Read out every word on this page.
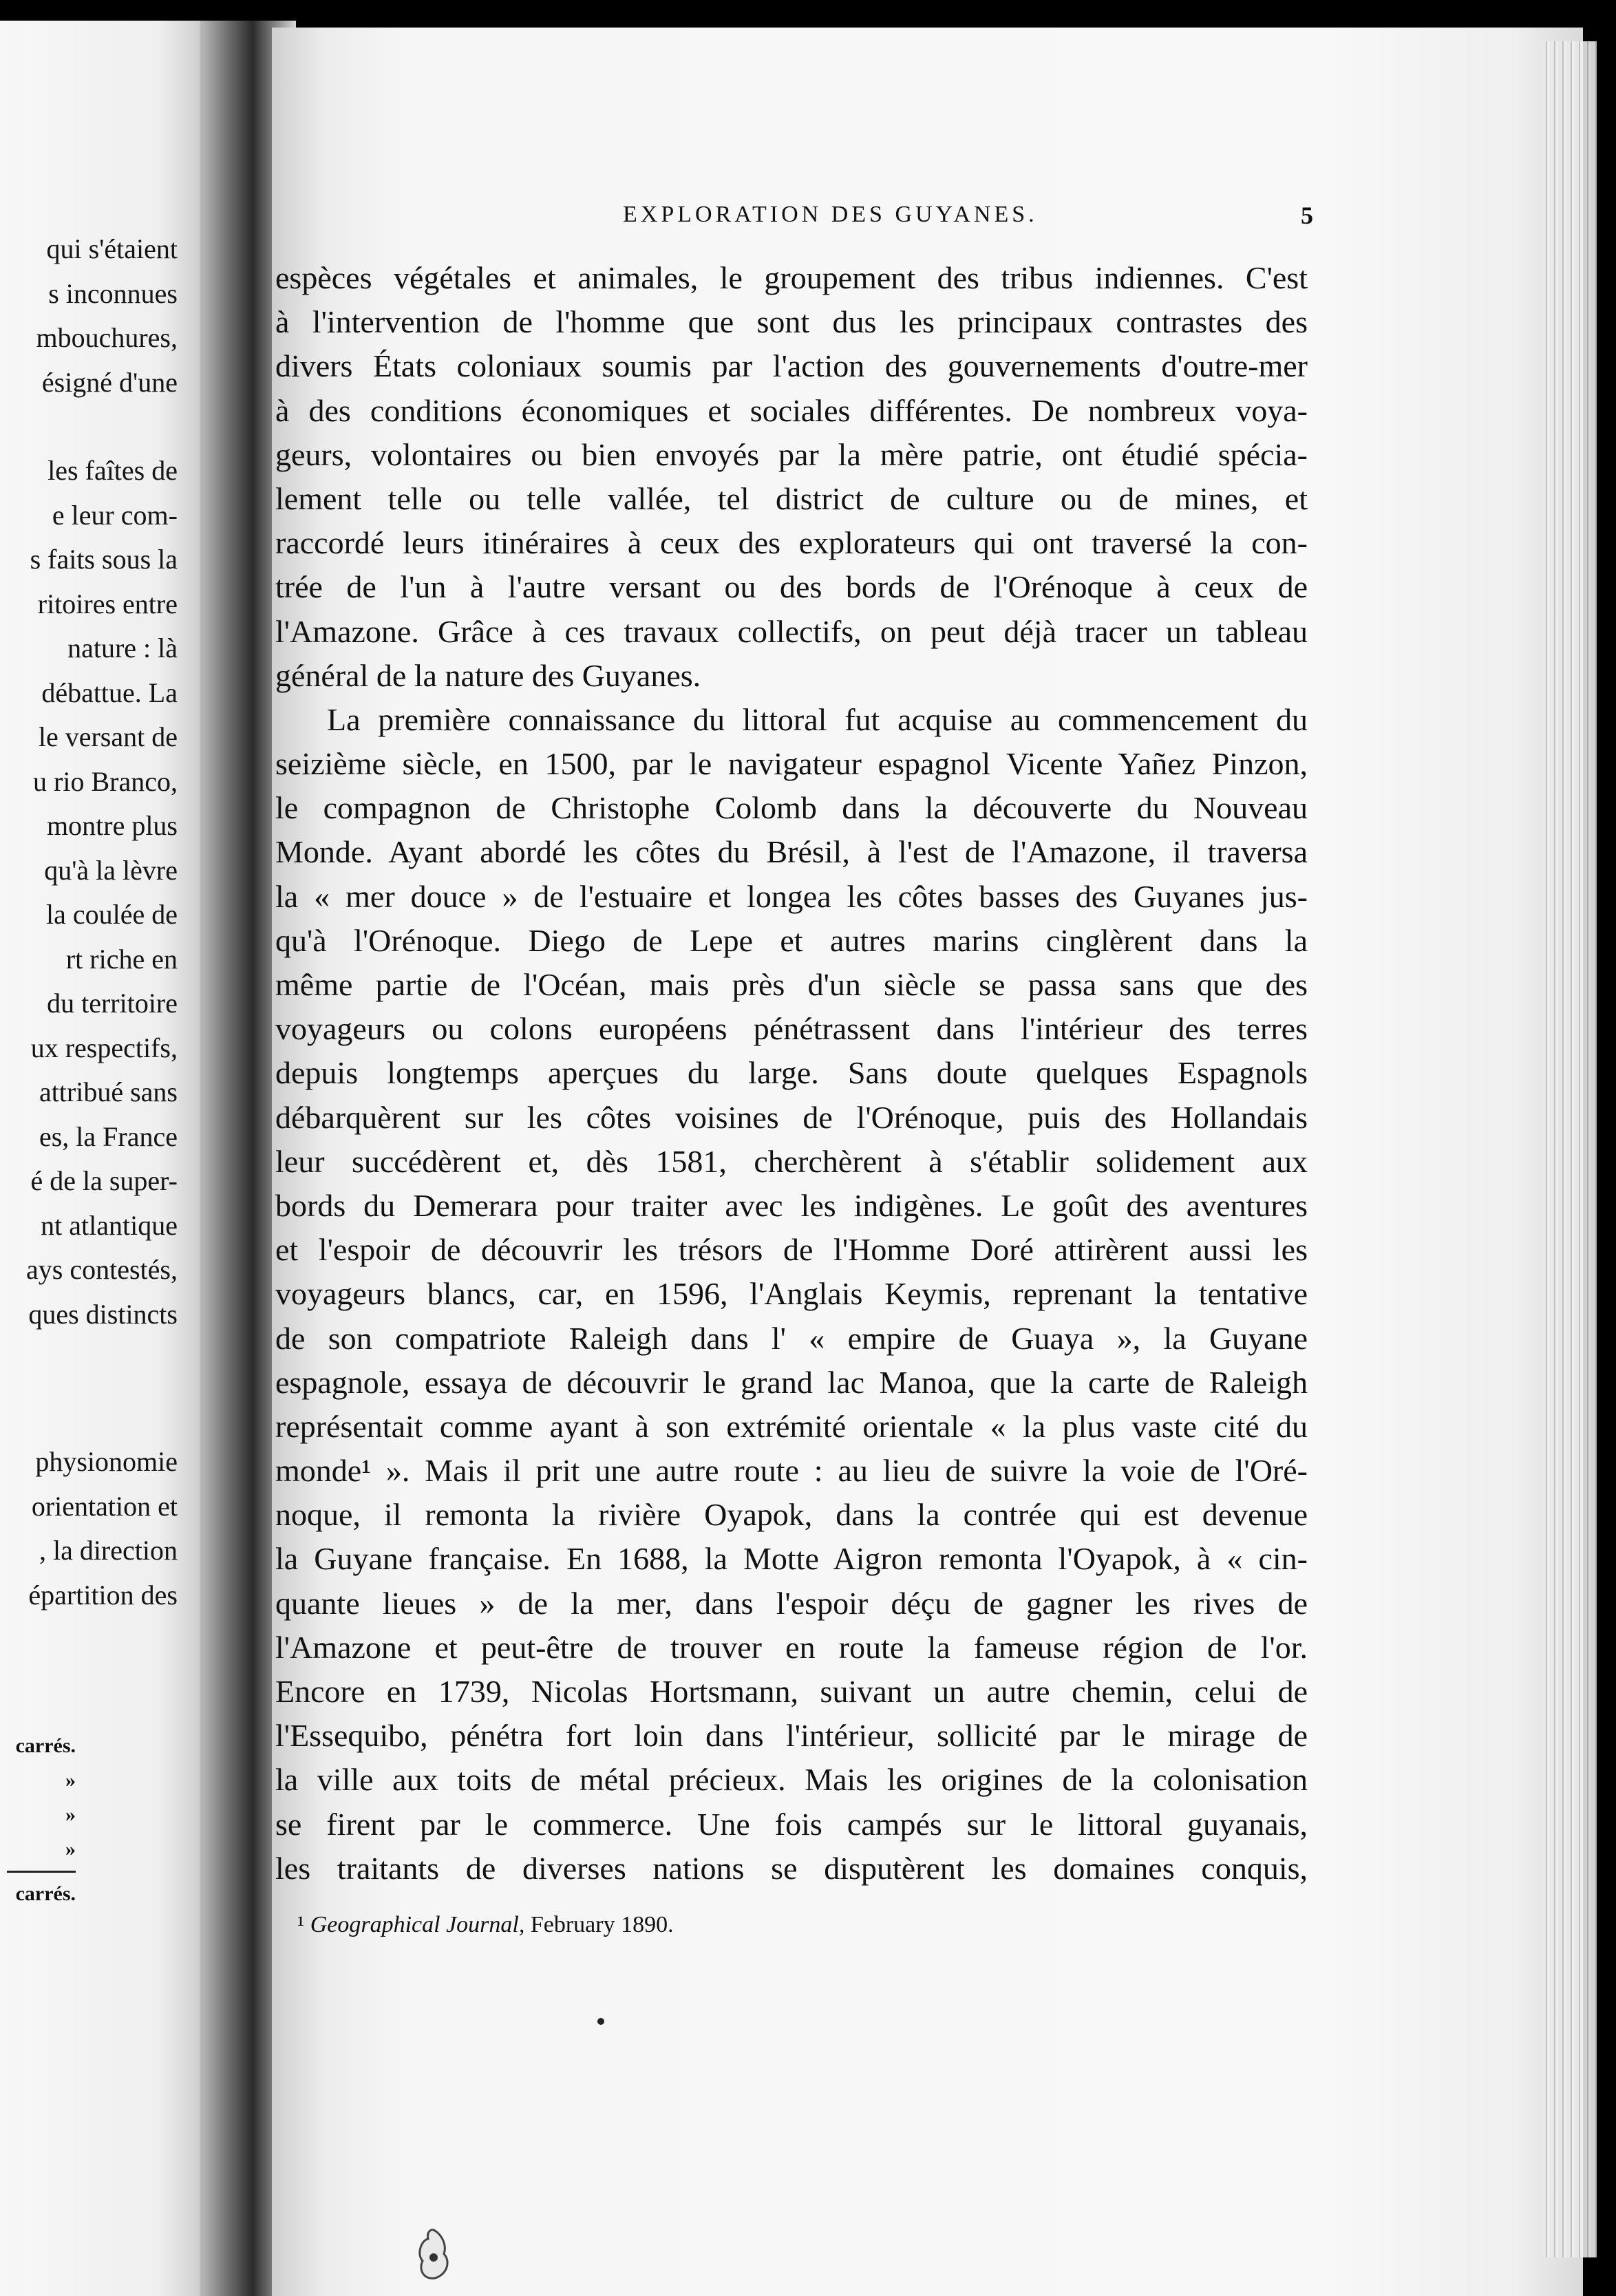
qui s'étaient
s inconnues
mbouchures,
ésigné d'une
les faîtes de
e leur com-
s faits sous la
ritoires entre
nature : là
débattue. La
le versant de
u rio Branco,
montre plus
qu'à la lèvre
la coulée de
rt riche en
du territoire
ux respectifs,
attribué sans
es, la France
é de la super-
nt atlantique
ays contestés,
ques distincts
physionomie
orientation et
, la direction
épartition des
carrés.
»
»
»
carrés.
EXPLORATION DES GUYANES.	5
espèces végétales et animales, le groupement des tribus indiennes. C'est
à l'intervention de l'homme que sont dus les principaux contrastes des
divers États coloniaux soumis par l'action des gouvernements d'outre-mer
à des conditions économiques et sociales différentes. De nombreux voya-
geurs, volontaires ou bien envoyés par la mère patrie, ont étudié spécia-
lement telle ou telle vallée, tel district de culture ou de mines, et
raccordé leurs itinéraires à ceux des explorateurs qui ont traversé la con-
trée de l'un à l'autre versant ou des bords de l'Orénoque à ceux de
l'Amazone. Grâce à ces travaux collectifs, on peut déjà tracer un tableau
général de la nature des Guyanes.
La première connaissance du littoral fut acquise au commencement du
seizième siècle, en 1500, par le navigateur espagnol Vicente Yañez Pinzon,
le compagnon de Christophe Colomb dans la découverte du Nouveau
Monde. Ayant abordé les côtes du Brésil, à l'est de l'Amazone, il traversa
la « mer douce » de l'estuaire et longea les côtes basses des Guyanes jus-
qu'à l'Orénoque. Diego de Lepe et autres marins cinglèrent dans la
même partie de l'Océan, mais près d'un siècle se passa sans que des
voyageurs ou colons européens pénétrassent dans l'intérieur des terres
depuis longtemps aperçues du large. Sans doute quelques Espagnols
débarquèrent sur les côtes voisines de l'Orénoque, puis des Hollandais
leur succédèrent et, dès 1581, cherchèrent à s'établir solidement aux
bords du Demerara pour traiter avec les indigènes. Le goût des aventures
et l'espoir de découvrir les trésors de l'Homme Doré attirèrent aussi les
voyageurs blancs, car, en 1596, l'Anglais Keymis, reprenant la tentative
de son compatriote Raleigh dans l' « empire de Guaya », la Guyane
espagnole, essaya de découvrir le grand lac Manoa, que la carte de Raleigh
représentait comme ayant à son extrémité orientale « la plus vaste cité du
monde¹ ». Mais il prit une autre route : au lieu de suivre la voie de l'Oré-
noque, il remonta la rivière Oyapok, dans la contrée qui est devenue
la Guyane française. En 1688, la Motte Aigron remonta l'Oyapok, à « cin-
quante lieues » de la mer, dans l'espoir déçu de gagner les rives de
l'Amazone et peut-être de trouver en route la fameuse région de l'or.
Encore en 1739, Nicolas Hortsmann, suivant un autre chemin, celui de
l'Essequibo, pénétra fort loin dans l'intérieur, sollicité par le mirage de
la ville aux toits de métal précieux. Mais les origines de la colonisation
se firent par le commerce. Une fois campés sur le littoral guyanais,
les traitants de diverses nations se disputèrent les domaines conquis,
¹ Geographical Journal, February 1890.
